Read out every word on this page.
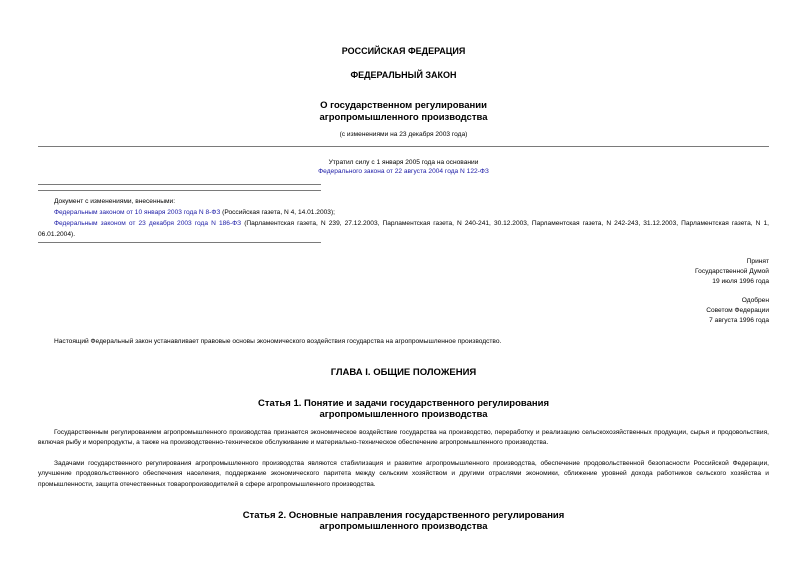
РОССИЙСКАЯ ФЕДЕРАЦИЯ
ФЕДЕРАЛЬНЫЙ ЗАКОН
О государственном регулировании
агропромышленного производства
(с изменениями на 23 декабря 2003 года)
Утратил силу с 1 января 2005 года на основании
Федерального закона от 22 августа 2004 года N 122-ФЗ
Документ с изменениями, внесенными:
Федеральным законом от 10 января 2003 года N 8-ФЗ (Российская газета, N 4, 14.01.2003);
Федеральным законом от 23 декабря 2003 года N 186-ФЗ (Парламентская газета, N 239, 27.12.2003, Парламентская газета, N 240-241, 30.12.2003, Парламентская газета, N 242-243, 31.12.2003, Парламентская газета, N 1, 06.01.2004).
Принят
Государственной Думой
19 июля 1996 года
Одобрен
Советом Федерации
7 августа 1996 года
Настоящий Федеральный закон устанавливает правовые основы экономического воздействия государства на агропромышленное производство.
ГЛАВА I. ОБЩИЕ ПОЛОЖЕНИЯ
Статья 1. Понятие и задачи государственного регулирования
агропромышленного производства
Государственным регулированием агропромышленного производства признается экономическое воздействие государства на производство, переработку и реализацию сельскохозяйственных продукции, сырья и продовольствия, включая рыбу и морепродукты, а также на производственно-техническое обслуживание и материально-техническое обеспечение агропромышленного производства.
Задачами государственного регулирования агропромышленного производства являются стабилизация и развитие агропромышленного производства, обеспечение продовольственной безопасности Российской Федерации, улучшение продовольственного обеспечения населения, поддержание экономического паритета между сельским хозяйством и другими отраслями экономики, сближение уровней дохода работников сельского хозяйства и промышленности, защита отечественных товаропроизводителей в сфере агропромышленного производства.
Статья 2. Основные направления государственного регулирования
агропромышленного производства
